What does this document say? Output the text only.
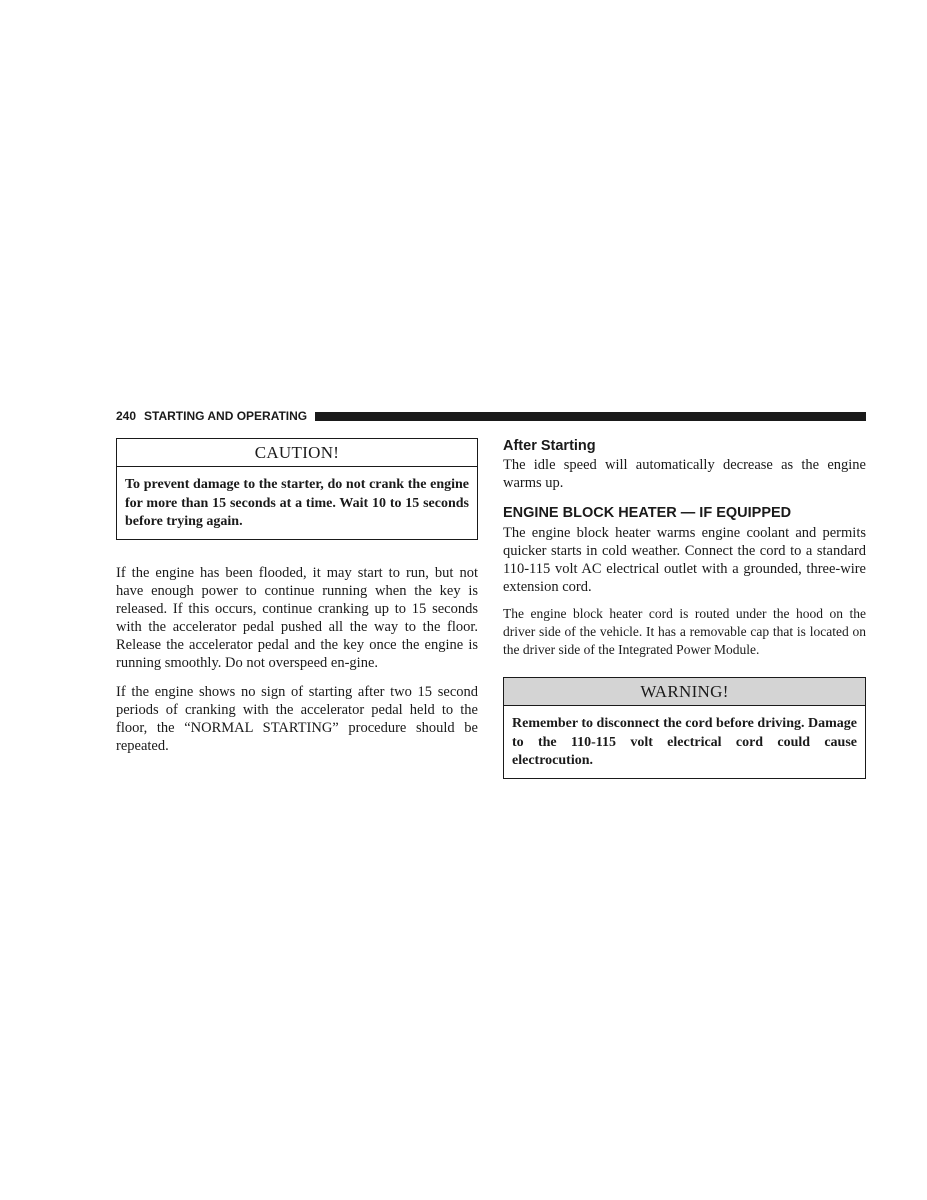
240 STARTING AND OPERATING
CAUTION!
To prevent damage to the starter, do not crank the engine for more than 15 seconds at a time. Wait 10 to 15 seconds before trying again.

If the engine has been flooded, it may start to run, but not have enough power to continue running when the key is released. If this occurs, continue cranking up to 15 seconds with the accelerator pedal pushed all the way to the floor. Release the accelerator pedal and the key once the engine is running smoothly. Do not overspeed en-gine.

If the engine shows no sign of starting after two 15 second periods of cranking with the accelerator pedal held to the floor, the “NORMAL STARTING” procedure should be repeated.

After Starting

The idle speed will automatically decrease as the engine warms up.

ENGINE BLOCK HEATER — IF EQUIPPED

The engine block heater warms engine coolant and permits quicker starts in cold weather. Connect the cord to a standard 110-115 volt AC electrical outlet with a grounded, three-wire extension cord.

The engine block heater cord is routed under the hood on the driver side of the vehicle. It has a removable cap that is located on the driver side of the Integrated Power Module.

WARNING!
Remember to disconnect the cord before driving. Damage to the 110-115 volt electrical cord could cause electrocution.
